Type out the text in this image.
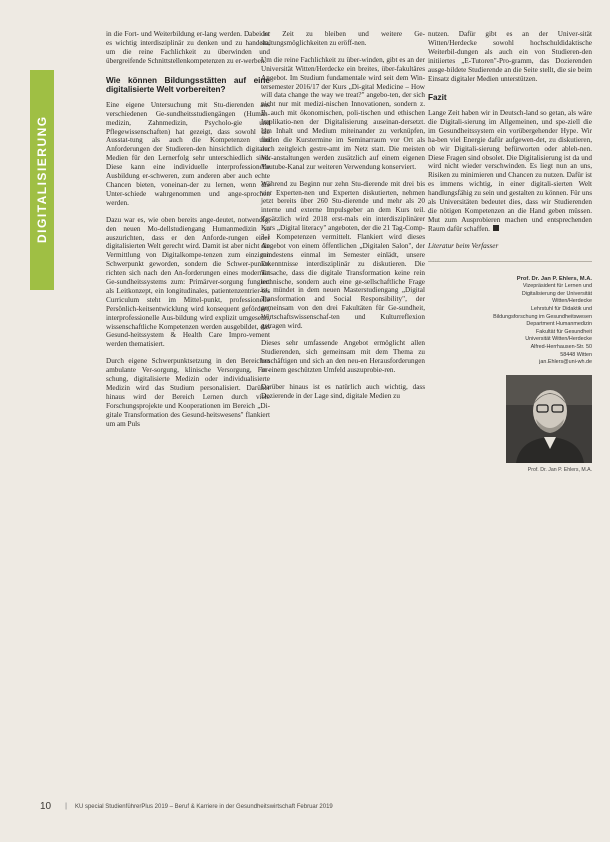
DIGITALISIERUNG

in die Fort- und Weiterbildung er-lang werden. Dabei ist es wichtig interdisziplinär zu denken und zu handeln, um die reine Fachlichkeit zu überwinden und übergreifende Schnittstellenkompetenzen zu er-werben.

Wie können Bildungsstätten auf eine digitalisierte Welt vorbereiten?

Eine eigene Untersuchung mit Stu-dierenden aus verschiedenen Ge-sundheitsstudiengängen (Human-medizin, Zahnmedizin, Psycholo-gie und Pflegewissenschaften) hat gezeigt, dass sowohl die Ausstat-tung als auch die Kompetenzen und Anforderungen der Studieren-den hinsichtlich digitaler Medien für den Lernerfolg sehr unterschiedlich sind. Diese kann eine individuelle interprofessionelle Ausbildung er-schweren, zum anderen aber auch echte Chancen bieten, voneinan-der zu lernen, wenn die Unter-schiede wahrgenommen und ange-sprochen werden.

Dazu war es, wie oben bereits ange-deutet, notwendig, den neuen Mo-dellstudiengang Humanmedizin so auszurichten, dass er den Anforde-rungen einer digitalisierten Welt gerecht wird. Damit ist aber nicht die Vermittlung von Digitalkompe-tenzen zum einzigen Schwerpunkt geworden, sondern die Schwer-punkte richten sich nach den An-forderungen eines modernen Ge-sundheitssystems zum: Primärver-sorgung fungiert als Leitkonzept, ein longitudinales, patientenzentrier-tes Curriculum steht im Mittel-punkt, professionelle Persönlich-keitsentwicklung wird konsequent gefördert, interprofessionelle Aus-bildung wird explizit umgesetzt, wissenschaftliche Kompetenzen werden ausgebildet, das Gesund-heitssystem & Health Care Impro-vement werden thematisiert.

Durch eigene Schwerpunktsetzung in den Bereichen ambulante Ver-sorgung, klinische Versorgung, For-schung, digitalisierte Medizin oder individualisierte Medizin wird das Studium personalisiert. Darüber hinaus wird der Bereich Lernen durch viele Forschungsprojekte und Kooperationen im Bereich „Di-gitale Transformation des Gesund-heitswesens" flankiert um am Puls

der Zeit zu bleiben und weitere Ge-staltungsmöglichkeiten zu eröff-nen.

Um die reine Fachlichkeit zu über-winden, gibt es an der Universität Witten/Herdecke ein breites, über-fakultäres Angebot. Im Studium fundamentale wird seit dem Win-tersemester 2016/17 der Kurs „Di-gital Medicine – How will data change the way we treat?" angebo-ten, der sich nicht nur mit medizi-nischen Innovationen, sondern z. B. auch mit ökonomischen, poli-tischen und ethischen Implikatio-nen der Digitalisierung auseinan-dersetzt. Um Inhalt und Medium miteinander zu verknüpfen, finden die Kurstermine im Seminarraum vor Ort als auch zeitgleich gestre-amt im Netz statt. Die meisten Vor-anstaltungen werden zusätzlich auf einem eigenen Youtube-Kanal zur weiteren Verwendung konserviert.

Während zu Beginn nur zehn Stu-dierende mit drei bis vier Experten-nen und Experten diskutierten, nehmen jetzt bereits über 260 Stu-dierende und mehr als 20 interne und externe Impulsgeber an dem Kurs teil. Zusätzlich wird 2018 erst-mals ein interdisziplinärer Kurs „Digital literacy" angeboten, der die 21 Tag-Comp-3-1 Kompetenzen vermittelt. Flankiert wird dieses Angebot von einem öffentlichen „Digitalen Salon", der mindestens einmal im Semester einlädt, unsere Erkenntnisse interdisziplinär zu diskutieren. Die Tatsache, dass die digitale Transformation keine rein technische, sondern auch eine ge-sellschaftliche Frage ist, mündet in dem neuen Masterstudiengang „Digital Transformation and Social Responsibility", der gemeinsam von den drei Fakultäten für Ge-sundheit, Wirtschaftswissenschaf-ten und Kulturreflexion getragen wird.

Dieses sehr umfassende Angebot ermöglicht allen Studierenden, sich gemeinsam mit dem Thema zu beschäftigen und sich an den neu-en Herausforderungen in einem geschützten Umfeld auszuprobie-ren.

Darüber hinaus ist es natürlich auch wichtig, dass Dozierende in der Lage sind, digitale Medien zu

nutzen. Dafür gibt es an der Univer-sität Witten/Herdecke sowohl hochschuldidaktische Weiterbil-dungen als auch ein von Studieren-den initiiertes „E-Tutoren"-Pro-gramm, das Dozierenden ausge-bildete Studierende an die Seite stellt, die sie beim Einsatz digitaler Medien unterstützen.

Fazit

Lange Zeit haben wir in Deutsch-land so getan, als wäre die Digitali-sierung im Allgemeinen, und spe-ziell die im Gesundheitssystem ein vorübergehender Hype. Wir ha-ben viel Energie dafür aufgewen-det, zu diskutieren, ob wir Digitali-sierung befürworten oder ableh-nen. Diese Fragen sind obsolet. Die Digitalisierung ist da und wird nicht wieder verschwinden. Es liegt nun an uns, Risiken zu minimieren und Chancen zu nutzen. Dafür ist es immens wichtig, in einer digitali-sierten Welt handlungsfähig zu sein und gestalten zu können. Für uns als Universitäten bedeutet dies, dass wir Studierenden die nötigen Kompetenzen an die Hand geben müssen. Mut zum Ausprobieren machen und entsprechenden Raum dafür schaffen.

Literatur beim Verfasser

Prof. Dr. Jan P. Ehlers, M.A.
Vizepräsident für Lernen und
Digitalisierung der Universität
Witten/Herdecke
Lehrstuhl für Didaktik und
Bildungsforschung im Gesundheitswesen
Department Humanmedizin
Fakultät für Gesundheit
Universität Witten/Herdecke
Alfred-Herrhausen-Str. 50
58448 Witten
jan.Ehlers@uni-wh.de
Prof. Dr. Jan P. Ehlers, M.A.
10 | KU special StudienführerPlus 2019 – Beruf & Karriere in der Gesundheitswirtschaft Februar 2019
